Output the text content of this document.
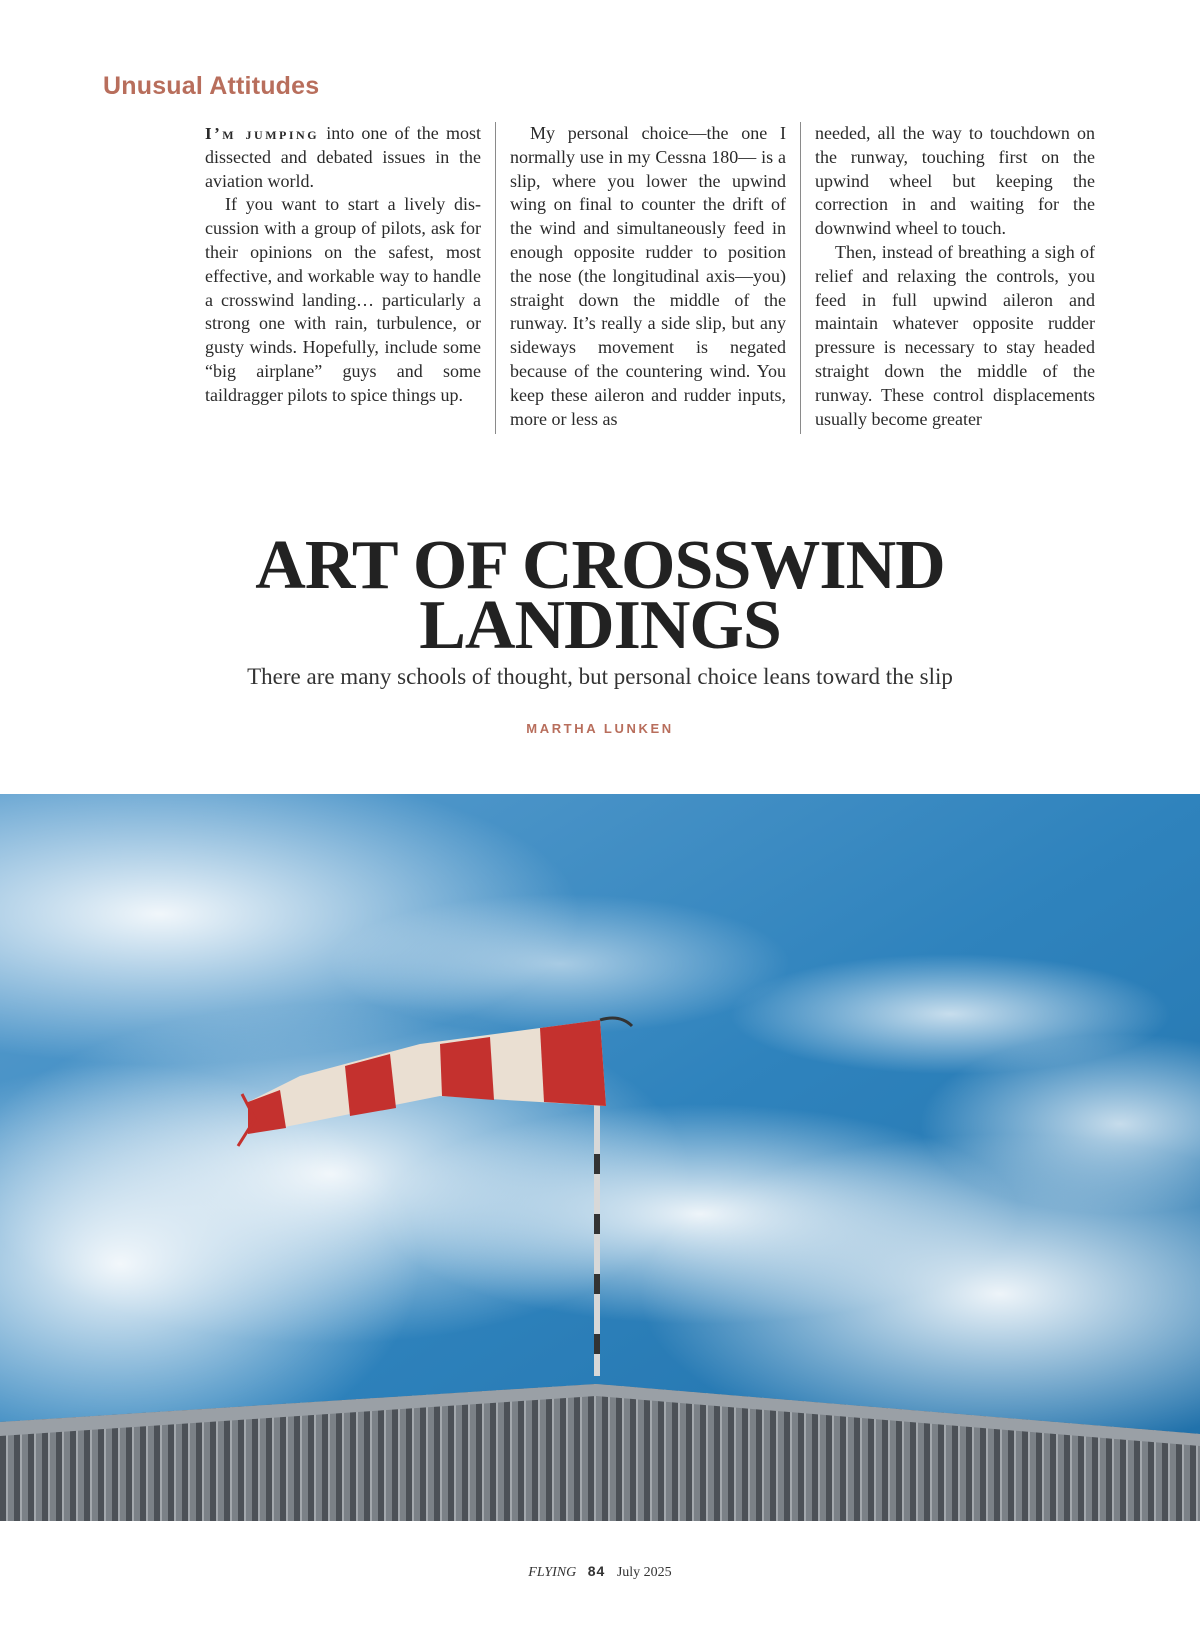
Unusual Attitudes

I’m jumping into one of the most dissected and debated issues in the aviation world.

If you want to start a lively discussion with a group of pilots, ask for their opinions on the safest, most effective, and workable way to handle a crosswind landing… particularly a strong one with rain, turbulence, or gusty winds. Hopefully, include some “big airplane” guys and some taildragger pilots to spice things up.

My personal choice—the one I normally use in my Cessna 180— is a slip, where you lower the upwind wing on final to counter the drift of the wind and simultaneously feed in enough opposite rudder to position the nose (the longitudinal axis—you) straight down the middle of the runway. It’s really a side slip, but any sideways movement is negated because of the countering wind. You keep these aileron and rudder inputs, more or less as

needed, all the way to touchdown on the runway, touching first on the upwind wheel but keeping the correction in and waiting for the downwind wheel to touch.

Then, instead of breathing a sigh of relief and relaxing the controls, you feed in full upwind aileron and maintain whatever opposite rudder pressure is necessary to stay headed straight down the middle of the runway. These control displacements usually become greater

ART OF CROSSWIND
LANDINGS
There are many schools of thought, but personal choice leans toward the slip
MARTHA LUNKEN
FLYING 84 July 2025
